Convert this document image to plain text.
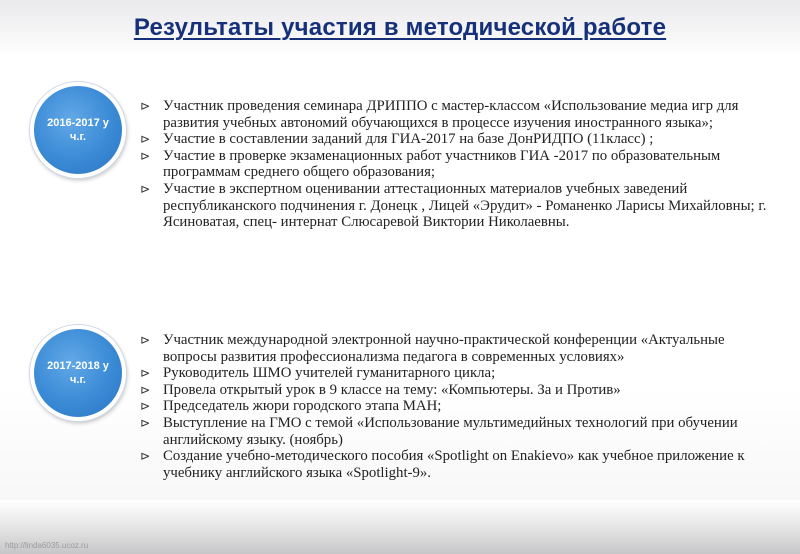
Результаты участия в методической работе
2016-2017 уч.г.
⊳ Участник проведения семинара ДРИППО с мастер-классом «Использование медиа игр для развития учебных автономий обучающихся в процессе изучения иностранного языка»;
⊳ Участие в составлении заданий для ГИА-2017 на базе ДонРИДПО (11класс) ;
⊳ Участие в проверке экзаменационных работ участников ГИА -2017 по образовательным программам среднего общего образования;
⊳ Участие в экспертном оценивании аттестационных материалов учебных заведений республиканского подчинения г. Донецк , Лицей «Эрудит» - Романенко Ларисы Михайловны; г. Ясиноватая, спец- интернат Слюсаревой Виктории Николаевны.
2017-2018 уч.г.
⊳ Участник международной электронной научно-практической конференции «Актуальные вопросы развития профессионализма педагога в современных условиях»
⊳ Руководитель ШМО учителей гуманитарного цикла;
⊳ Провела открытый урок в 9 классе на тему: «Компьютеры. За и Против»
⊳ Председатель жюри городского этапа МАН;
⊳ Выступление на ГМО с темой «Использование мультимедийных технологий при обучении английскому языку. (ноябрь)
⊳ Создание учебно-методического пособия «Spotlight on Enakievo» как учебное приложение к учебнику английского языка «Spotlight-9».
http://linda6035.ucoz.ru
